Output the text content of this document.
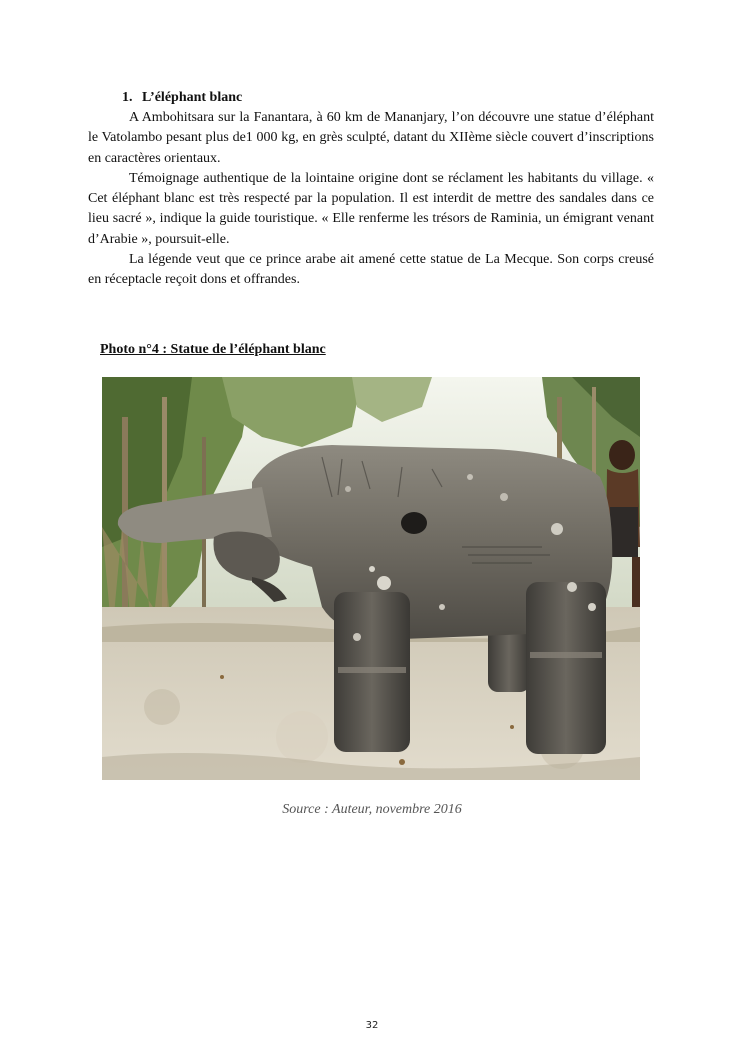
1. L’éléphant blanc

A Ambohitsara sur la Fanantara, à 60 km de Mananjary, l’on découvre une statue d’éléphant le Vatolambo pesant plus de1 000 kg, en grès sculpté, datant du XIIème siècle couvert d’inscriptions en caractères orientaux.

Témoignage authentique de la lointaine origine dont se réclament les habitants du village. « Cet éléphant blanc est très respecté par la population. Il est interdit de mettre des sandales dans ce lieu sacré », indique la guide touristique. « Elle renferme les trésors de Raminia, un émigrant venant d’Arabie », poursuit-elle.

La légende veut que ce prince arabe ait amené cette statue de La Mecque. Son corps creusé en réceptacle reçoit dons et offrandes.

Photo n°4 : Statue de l’éléphant blanc
Source : Auteur, novembre 2016
32
